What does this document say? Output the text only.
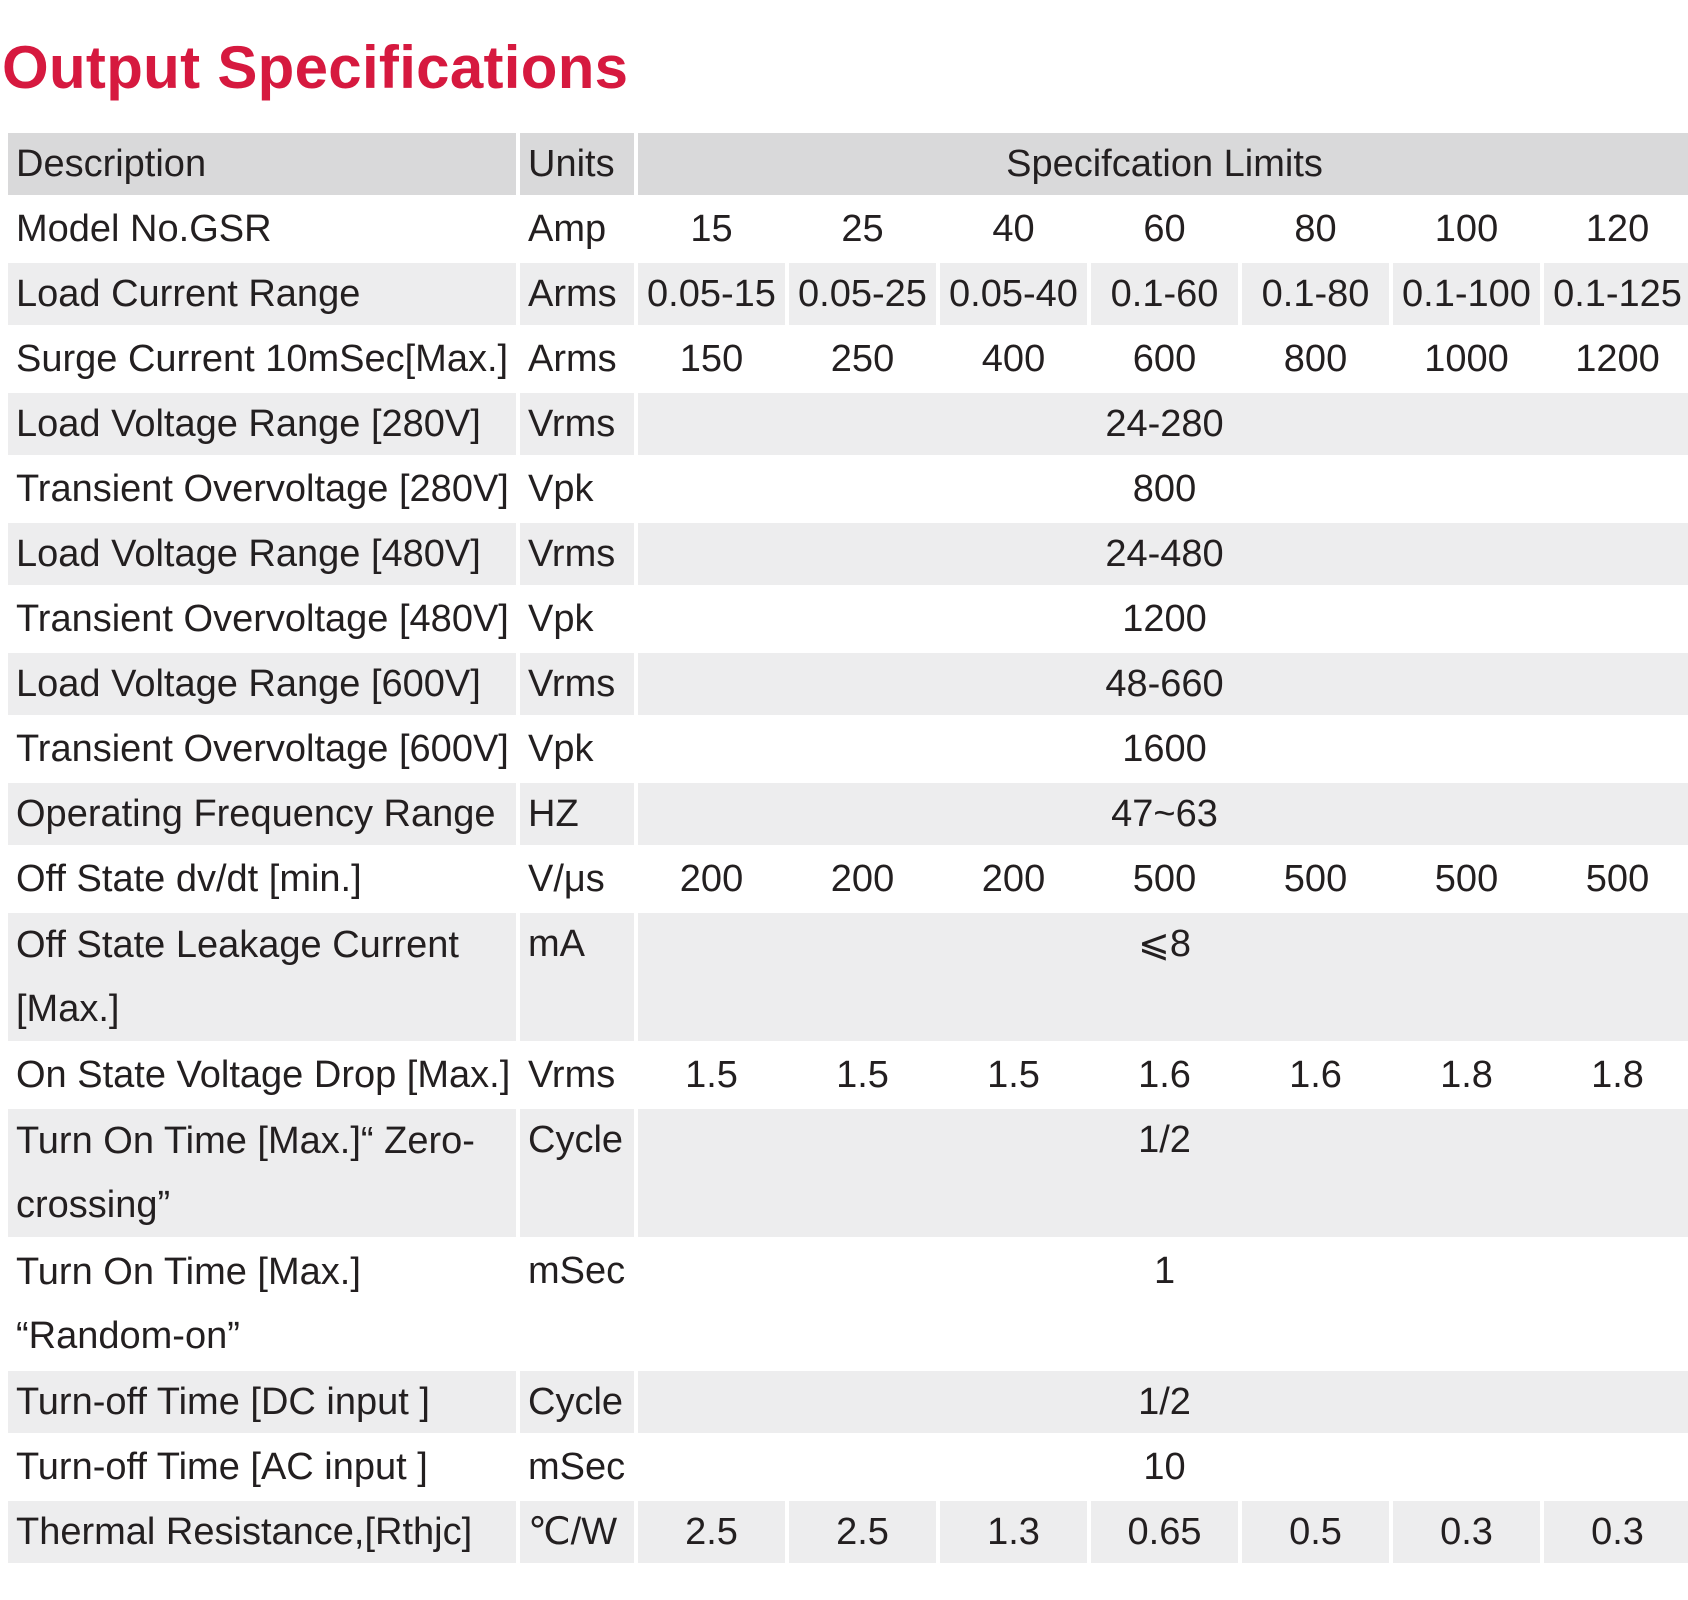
Output Specifications
Description	Units	Specifcation Limits						
Model No.GSR	Amp	15	25	40	60	80	100	120
Load Current Range	Arms	0.05-15	0.05-25	0.05-40	0.1-60	0.1-80	0.1-100	0.1-125
Surge Current 10mSec[Max.]	Arms	150	250	400	600	800	1000	1200
Load Voltage Range [280V]	Vrms	24-280						
Transient Overvoltage [280V]	Vpk	800						
Load Voltage Range [480V]	Vrms	24-480						
Transient Overvoltage [480V]	Vpk	1200						
Load Voltage Range [600V]	Vrms	48-660						
Transient Overvoltage [600V]	Vpk	1600						
Operating Frequency Range	HZ	47~63						
Off State dv/dt [min.]	V/μs	200	200	200	500	500	500	500
Off State Leakage Current [Max.]	mA	⩽8						
On State Voltage Drop [Max.]	Vrms	1.5	1.5	1.5	1.6	1.6	1.8	1.8
Turn On Time [Max.]“ Zero-crossing”	Cycle	1/2						
Turn On Time [Max.] “Random-on”	mSec	1						
Turn-off Time [DC input ]	Cycle	1/2						
Turn-off Time [AC input ]	mSec	10						
Thermal Resistance,[Rthjc]	℃/W	2.5	2.5	1.3	0.65	0.5	0.3	0.3
